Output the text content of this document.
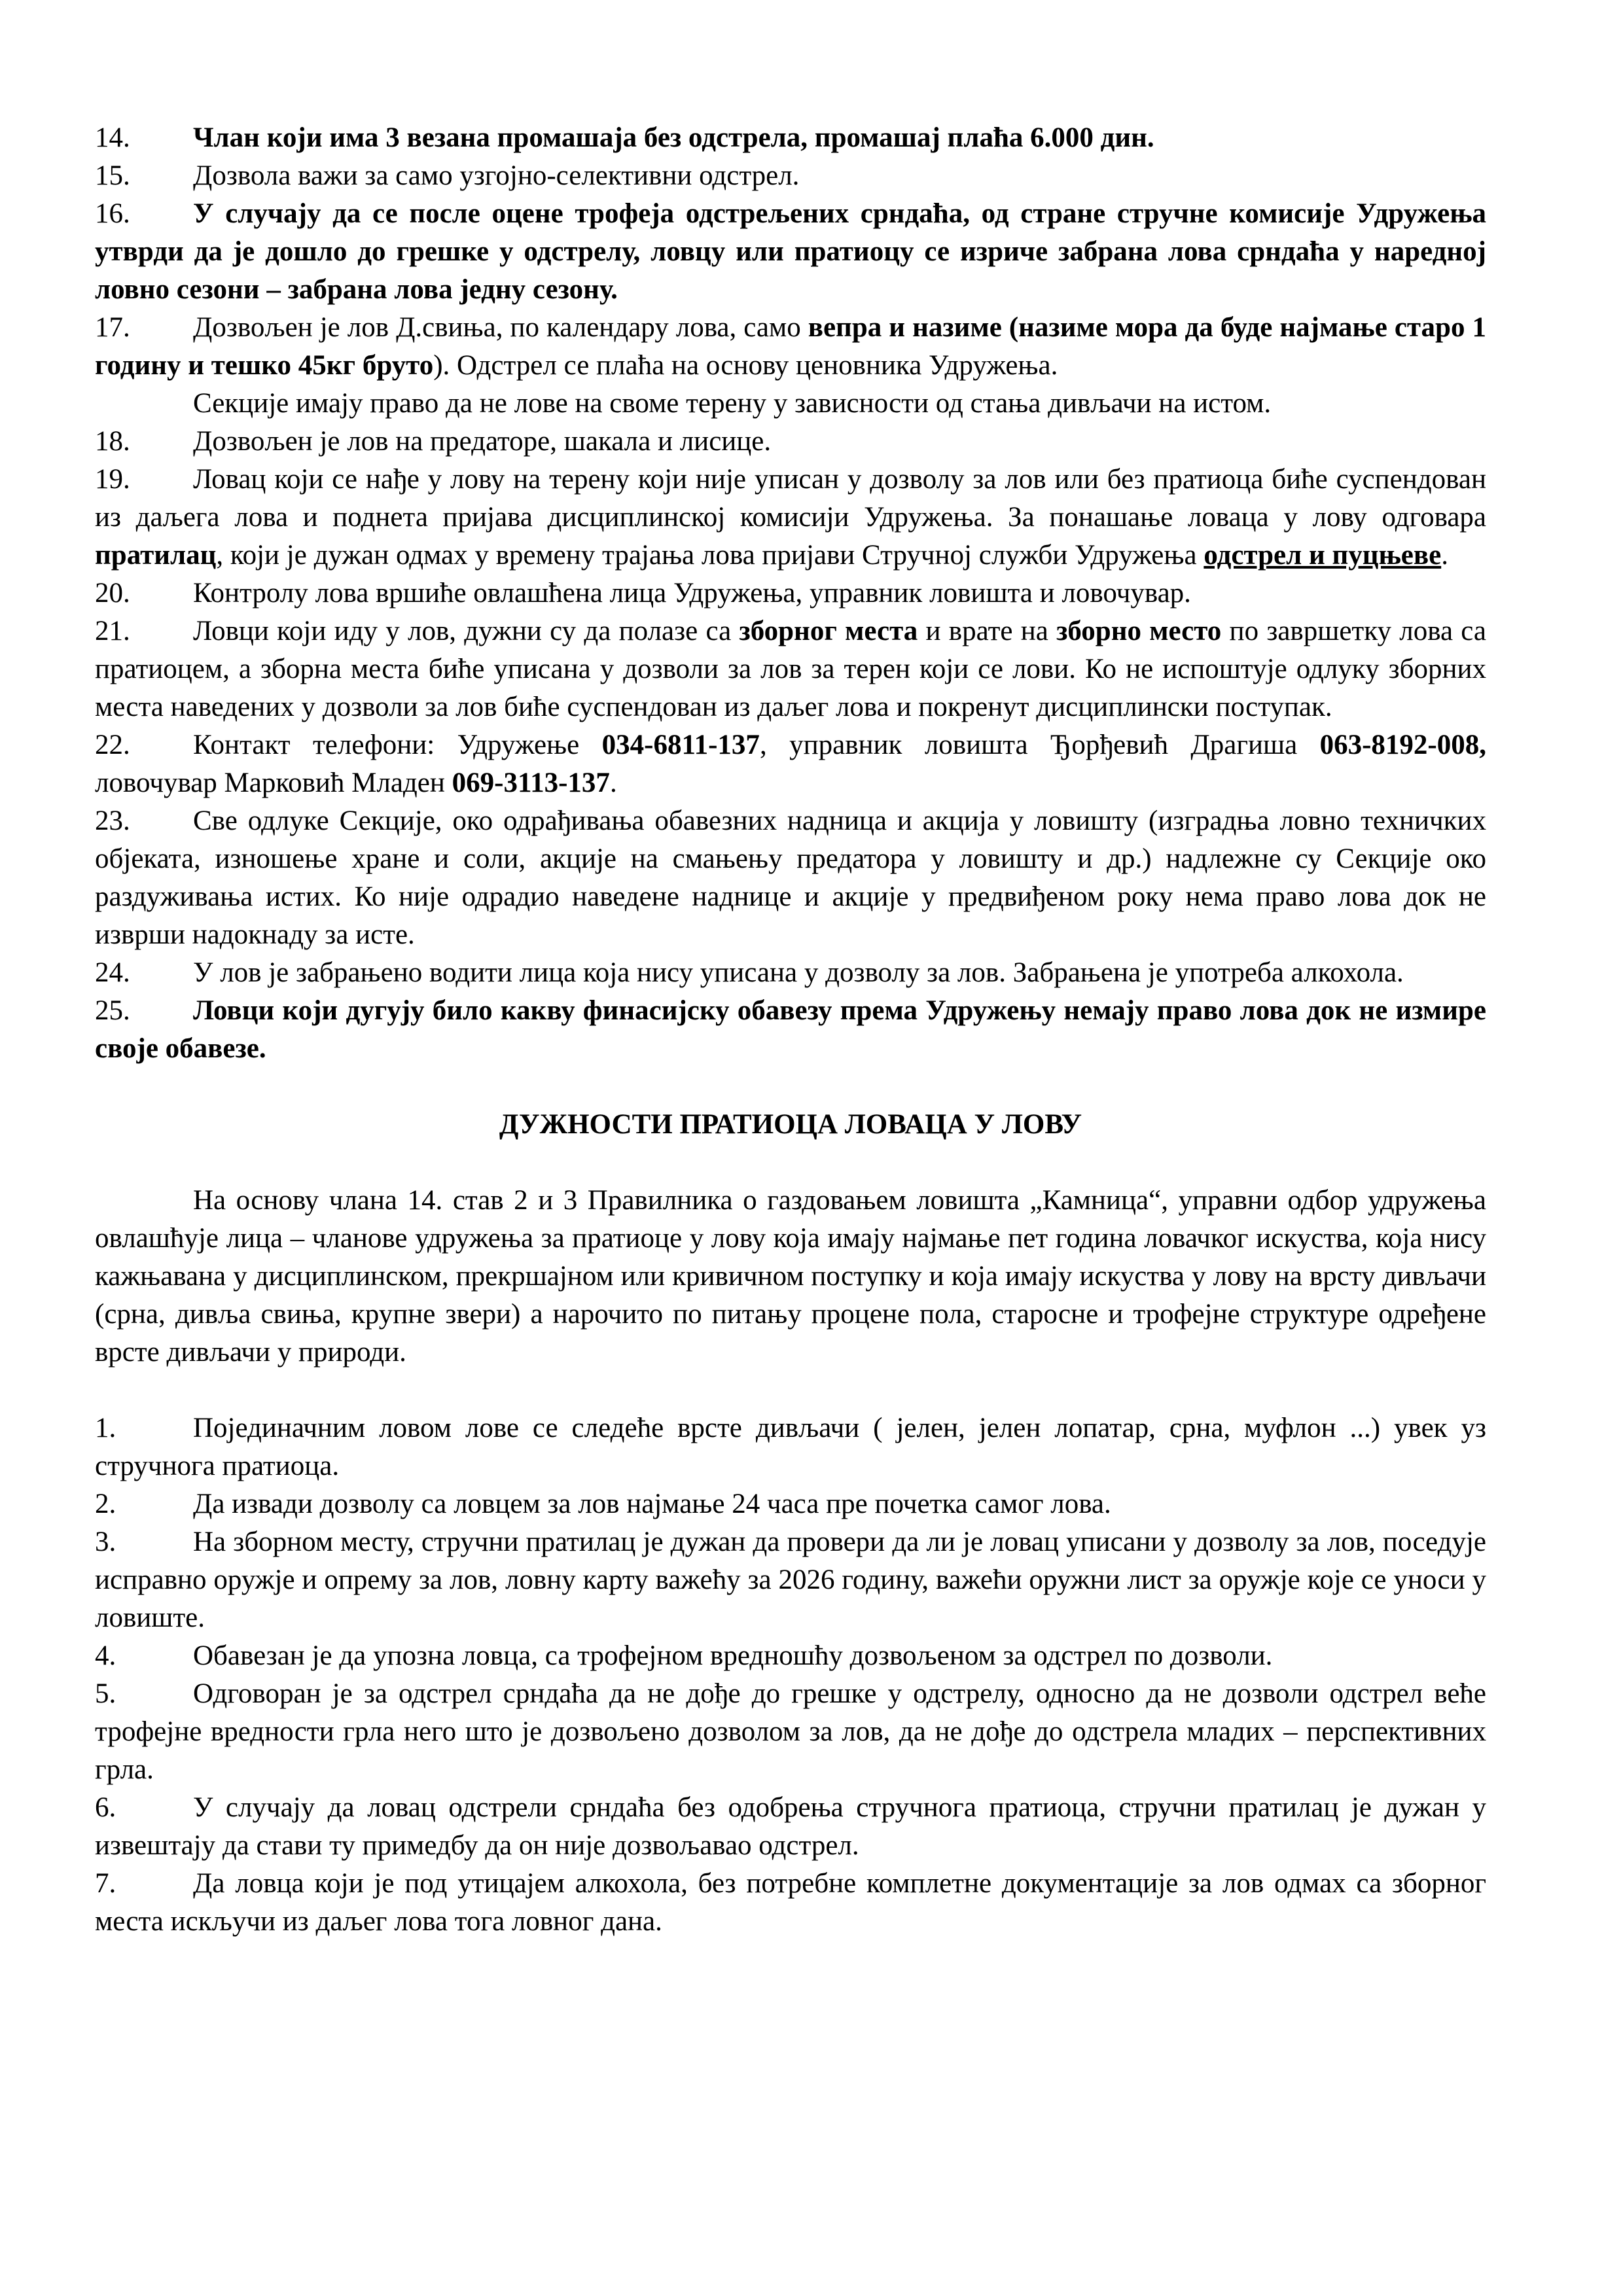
14. Члан који има 3 везана промашаја без одстрела, промашај плаћа 6.000 дин.

15. Дозвола важи за само узгојно-селективни одстрел.

16. У случају да се после оцене трофеја одстрељених срндаћа, од стране стручне комисије Удружења утврди да је дошло до грешке у одстрелу, ловцу или пратиоцу се изриче забрана лова срндаћа у наредној ловно сезони – забрана лова једну сезону.

17. Дозвољен је лов Д.свиња, по календару лова, само вепра и назиме (назиме мора да буде најмање старо 1 годину и тешко 45кг бруто). Одстрел се плаћа на основу ценовника Удружења.

Секције имају право да не лове на своме терену у зависности од стања дивљачи на истом.

18. Дозвољен је лов на предаторе, шакала и лисице.

19. Ловац који се нађе у лову на терену који није уписан у дозволу за лов или без пратиоца биће суспендован из даљега лова и поднета пријава дисциплинској комисији Удружења. За понашање ловаца у лову одговара пратилац, који је дужан одмах у времену трајања лова пријави Стручној служби Удружења одстрел и пуцњеве.

20. Контролу лова вршиће овлашћена лица Удружења, управник ловишта и ловочувар.

21. Ловци који иду у лов, дужни су да полазе са зборног места и врате на зборно место по завршетку лова са пратиоцем, а зборна места биће уписана у дозволи за лов за терен који се лови. Ко не испоштује одлуку зборних места наведених у дозволи за лов биће суспендован из даљег лова и покренут дисциплински поступак.

22. Контакт телефони: Удружење 034-6811-137, управник ловишта Ђорђевић Драгиша 063-8192-008, ловочувар Марковић Младен 069-3113-137.

23. Све одлуке Секције, око одрађивања обавезних надница и акција у ловишту (изградња ловно техничких објеката, изношење хране и соли, акције на смањењу предатора у ловишту и др.) надлежне су Секције око раздуживања истих. Ко није одрадио наведене наднице и акције у предвиђеном року нема право лова док не изврши надокнаду за исте.

24. У лов је забрањено водити лица која нису уписана у дозволу за лов. Забрањена је употреба алкохола.

25. Ловци који дугују било какву финасијску обавезу према Удружењу немају право лова док не измире своје обавезе.

ДУЖНОСТИ ПРАТИОЦА ЛОВАЦА У ЛОВУ

На основу члана 14. став 2 и 3 Правилника о газдовањем ловишта „Камница“, управни одбор удружења овлашћује лица – чланове удружења за пратиоце у лову која имају најмање пет година ловачког искуства, која нису кажњавана у дисциплинском, прекршајном или кривичном поступку и која имају искуства у лову на врсту дивљачи (срна, дивља свиња, крупне звери) а нарочито по питању процене пола, старосне и трофејне структуре одређене врсте дивљачи у природи.

1.	Појединачним ловом лове се следеће врсте дивљачи ( јелен, јелен лопатар, срна, муфлон ...) увек уз стручнога пратиоца.

2.	Да извади дозволу са ловцем за лов најмање 24 часа пре почетка самог лова.

3.	На зборном месту, стручни пратилац је дужан да провери да ли је ловац уписани у дозволу за лов, поседује исправно оружје и опрему за лов, ловну карту важећу за 2026 годину, важећи оружни лист за оружје које се уноси у ловиште.

4.	Обавезан је да упозна ловца, са трофејном вредношћу дозвољеном за одстрел по дозволи.

5.	Одговоран је за одстрел срндаћа да не дође до грешке у одстрелу, односно да не дозволи одстрел веће трофејне вредности грла него што је дозвољено дозволом за лов, да не дође до одстрела младих – перспективних грла.

6.	У случају да ловац одстрели срндаћа без одобрења стручнога пратиоца, стручни пратилац је дужан у извештају да стави ту примедбу да он није дозвољавао одстрел.

7.	Да ловца који је под утицајем алкохола, без потребне комплетне документације за лов одмах са зборног места искључи из даљег лова тога ловног дана.
